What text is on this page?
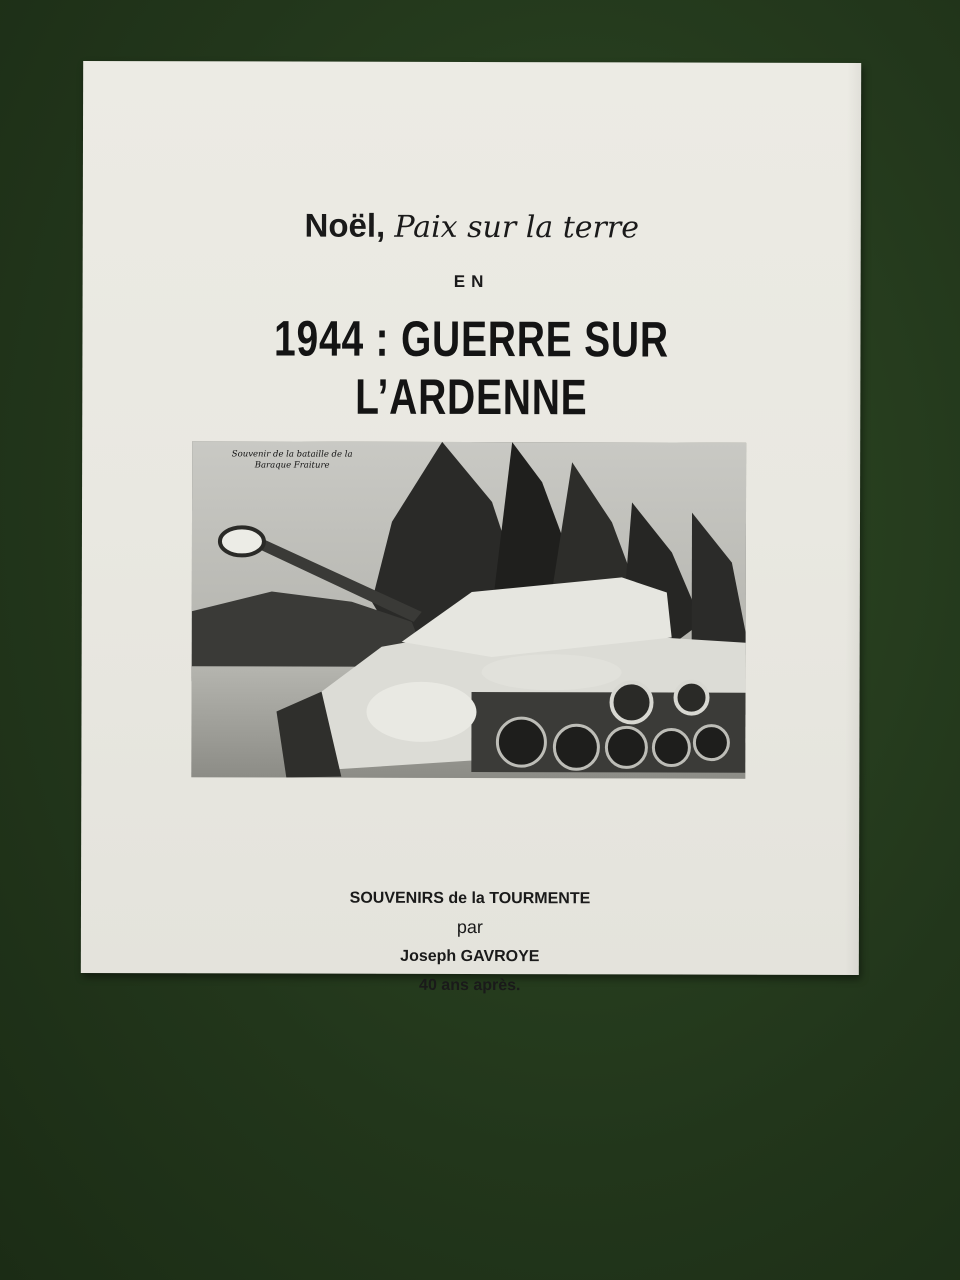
Noël, Paix sur la terre
EN
1944 : GUERRE SUR L’ARDENNE
Souvenir de la bataille de la
Baraque Fraiture
SOUVENIRS de la TOURMENTE
par
Joseph GAVROYE
40 ans après.
